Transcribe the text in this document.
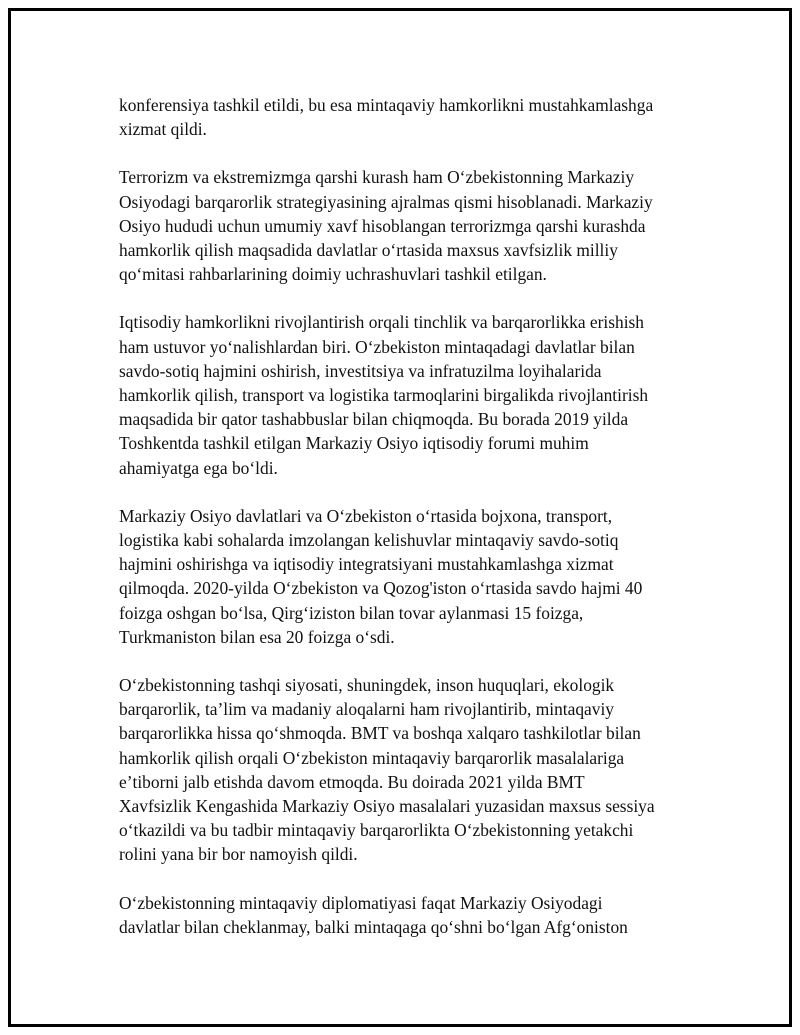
konferensiya tashkil etildi, bu esa mintaqaviy hamkorlikni mustahkamlashga
xizmat qildi.

Terrorizm va ekstremizmga qarshi kurash ham Oʻzbekistonning Markaziy
Osiyodagi barqarorlik strategiyasining ajralmas qismi hisoblanadi. Markaziy
Osiyo hududi uchun umumiy xavf hisoblangan terrorizmga qarshi kurashda
hamkorlik qilish maqsadida davlatlar oʻrtasida maxsus xavfsizlik milliy
qoʻmitasi rahbarlarining doimiy uchrashuvlari tashkil etilgan.

Iqtisodiy hamkorlikni rivojlantirish orqali tinchlik va barqarorlikka erishish
ham ustuvor yoʻnalishlardan biri. Oʻzbekiston mintaqadagi davlatlar bilan
savdo-sotiq hajmini oshirish, investitsiya va infratuzilma loyihalarida
hamkorlik qilish, transport va logistika tarmoqlarini birgalikda rivojlantirish
maqsadida bir qator tashabbuslar bilan chiqmoqda. Bu borada 2019 yilda
Toshkentda tashkil etilgan Markaziy Osiyo iqtisodiy forumi muhim
ahamiyatga ega boʻldi.

Markaziy Osiyo davlatlari va Oʻzbekiston oʻrtasida bojxona, transport,
logistika kabi sohalarda imzolangan kelishuvlar mintaqaviy savdo-sotiq
hajmini oshirishga va iqtisodiy integratsiyani mustahkamlashga xizmat
qilmoqda. 2020-yilda Oʻzbekiston va Qozog'iston oʻrtasida savdo hajmi 40
foizga oshgan boʻlsa, Qirgʻiziston bilan tovar aylanmasi 15 foizga,
Turkmaniston bilan esa 20 foizga oʻsdi.

Oʻzbekistonning tashqi siyosati, shuningdek, inson huquqlari, ekologik
barqarorlik, taʼlim va madaniy aloqalarni ham rivojlantirib, mintaqaviy
barqarorlikka hissa qoʻshmoqda. BMT va boshqa xalqaro tashkilotlar bilan
hamkorlik qilish orqali Oʻzbekiston mintaqaviy barqarorlik masalalariga
eʼtiborni jalb etishda davom etmoqda. Bu doirada 2021 yilda BMT
Xavfsizlik Kengashida Markaziy Osiyo masalalari yuzasidan maxsus sessiya
oʻtkazildi va bu tadbir mintaqaviy barqarorlikta Oʻzbekistonning yetakchi
rolini yana bir bor namoyish qildi.

Oʻzbekistonning mintaqaviy diplomatiyasi faqat Markaziy Osiyodagi
davlatlar bilan cheklanmay, balki mintaqaga qoʻshni boʻlgan Afgʻoniston
